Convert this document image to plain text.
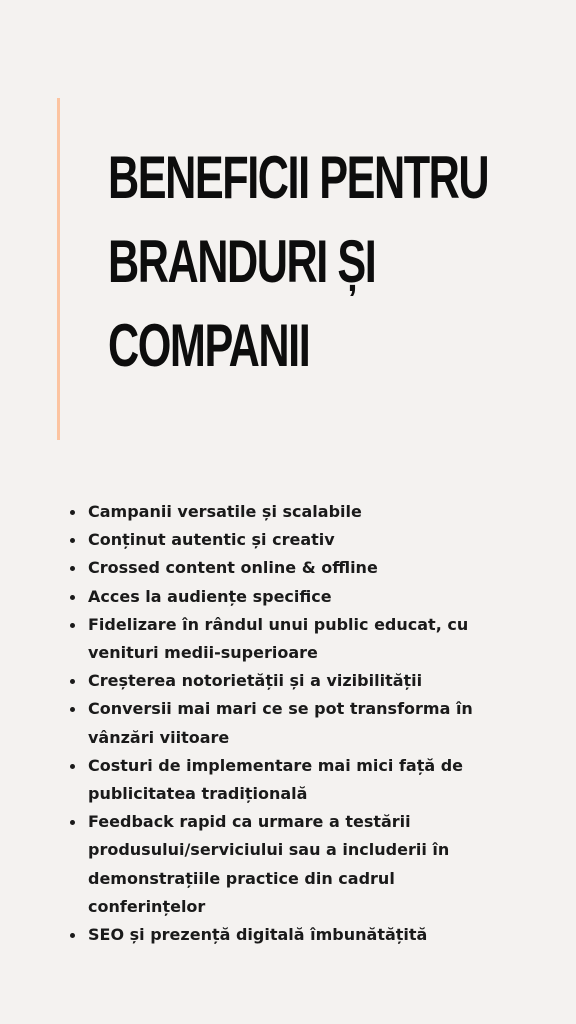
BENEFICII PENTRU
BRANDURI ȘI
COMPANII
Campanii versatile și scalabile
Conținut autentic și creativ
Crossed content online & offline
Acces la audiențe specifice
Fidelizare în rândul unui public educat, cu venituri medii-superioare
Creșterea notorietății și a vizibilității
Conversii mai mari ce se pot transforma în vânzări viitoare
Costuri de implementare mai mici față de publicitatea tradițională
Feedback rapid ca urmare a testării produsului/serviciului sau a includerii în demonstrațiile practice din cadrul conferințelor
SEO și prezență digitală îmbunătățită
